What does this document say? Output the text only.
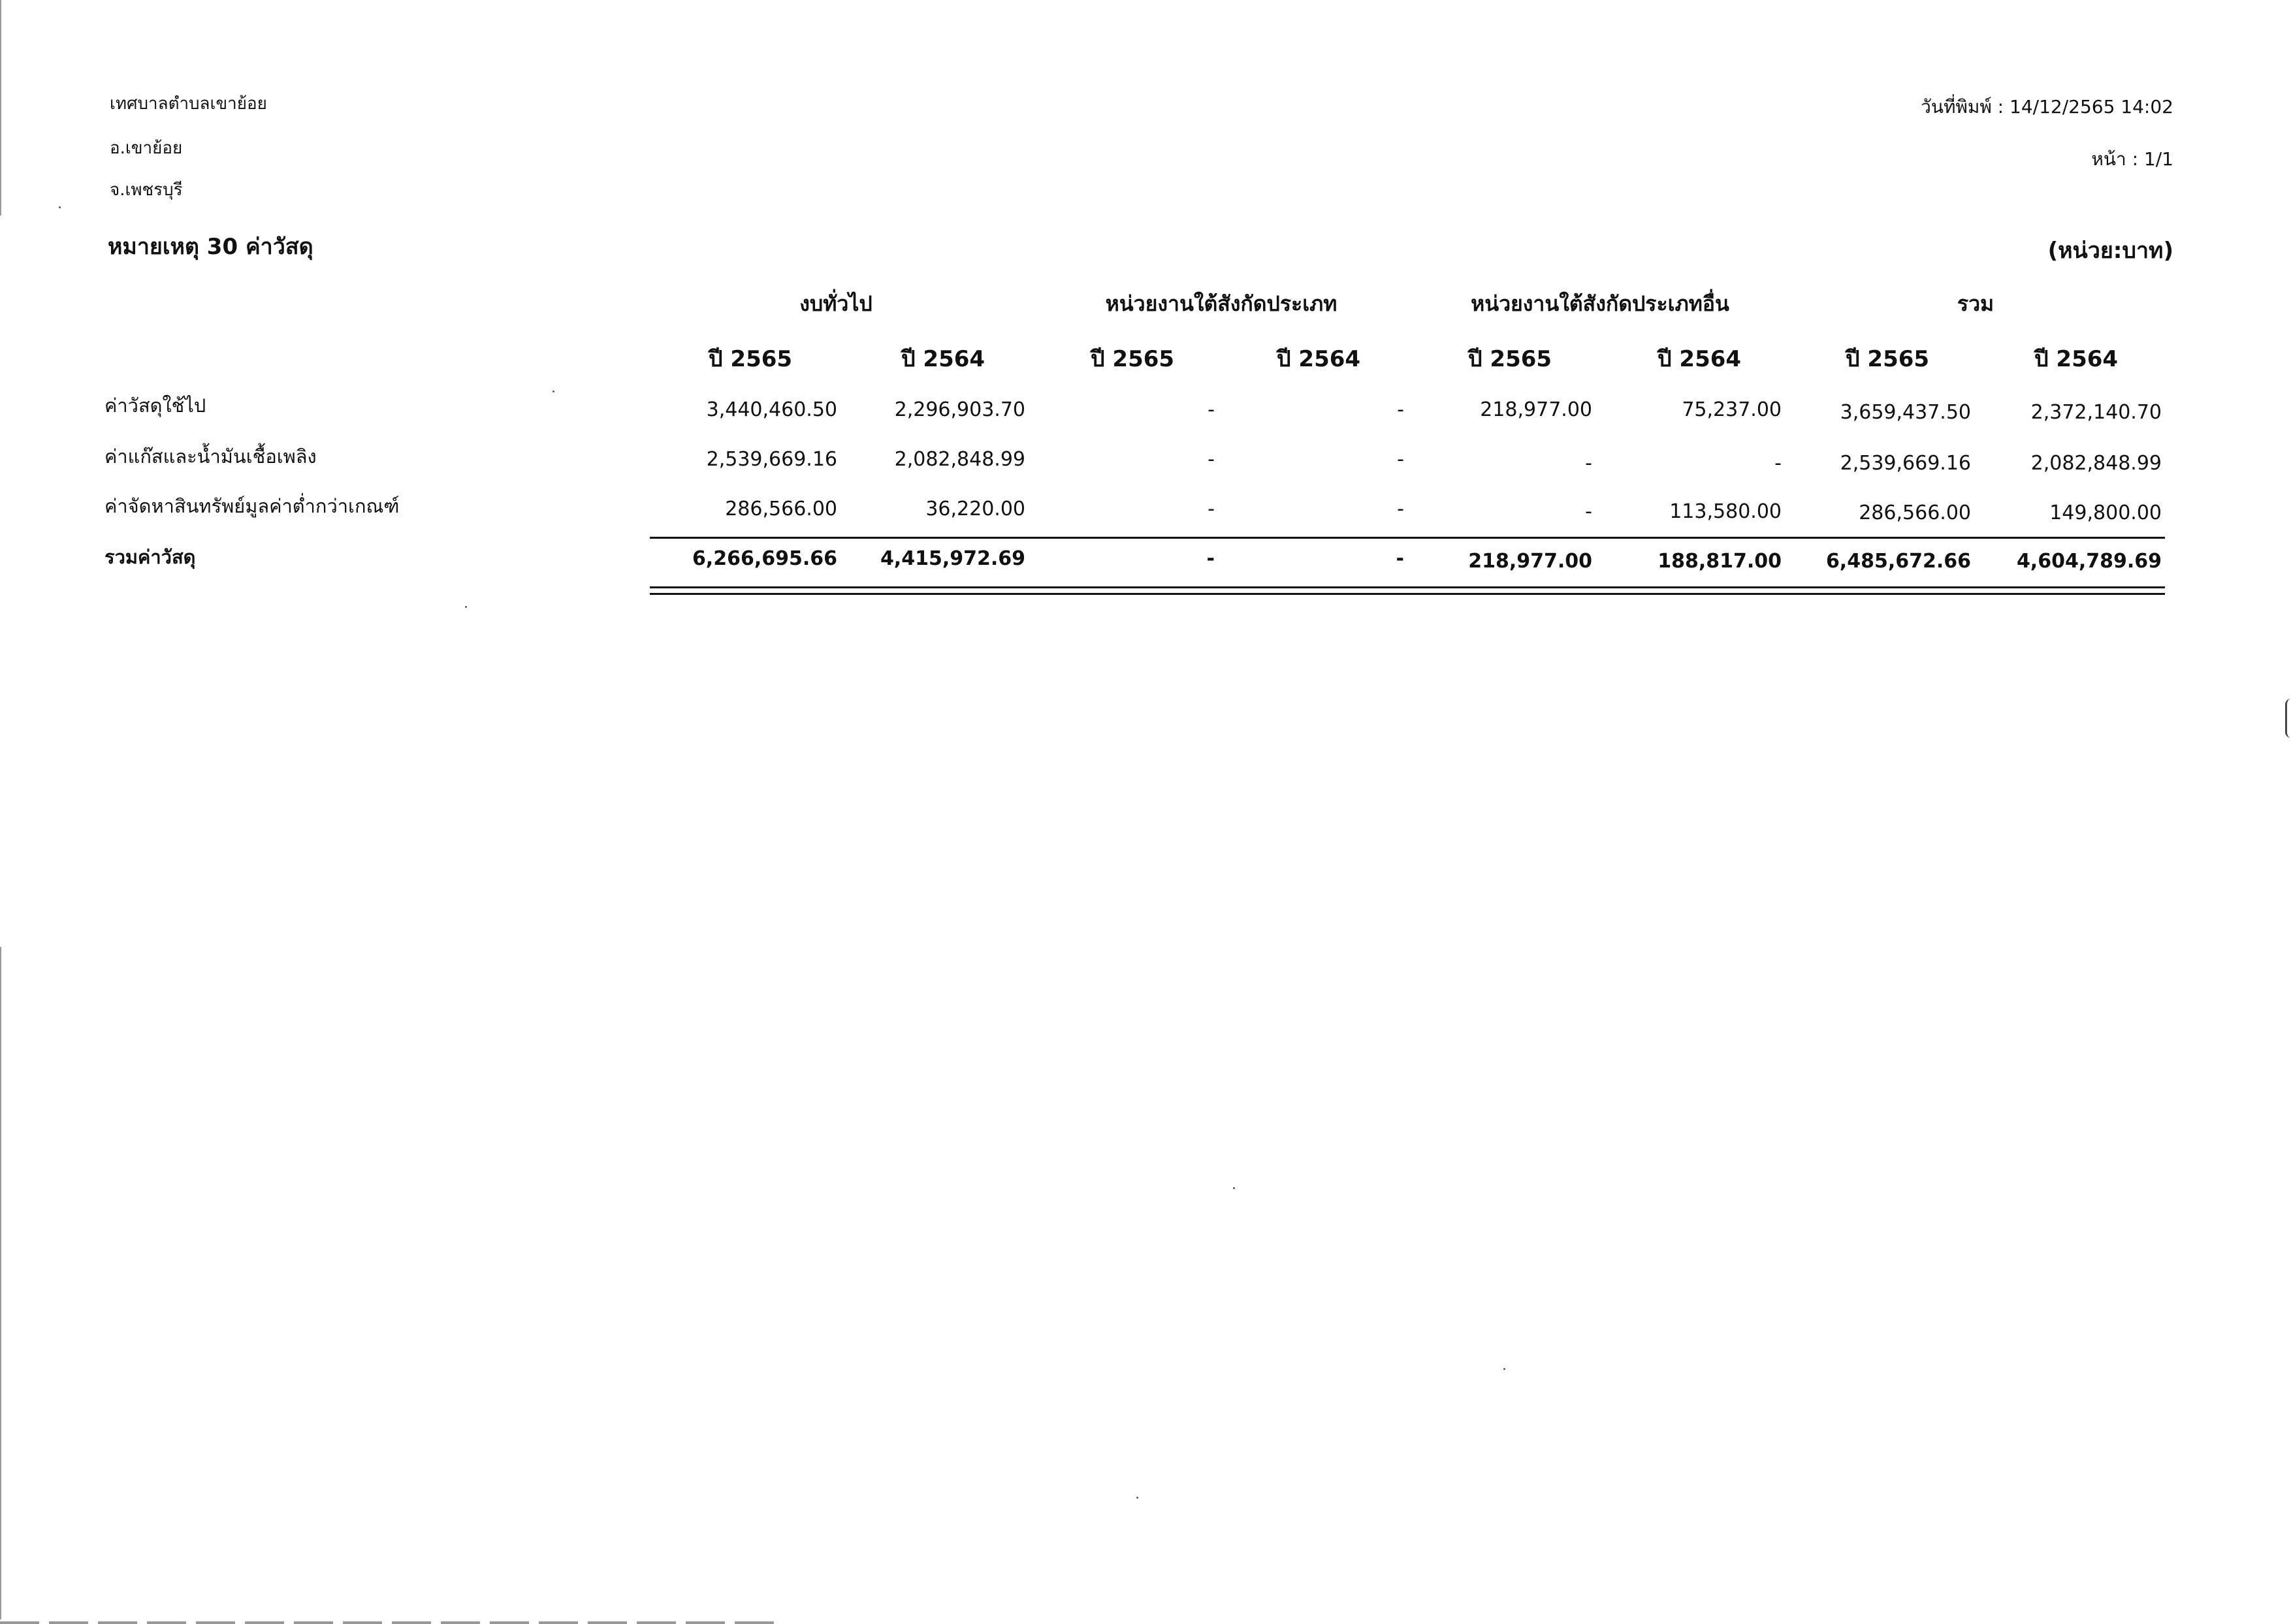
เทศบาลตำบลเขาย้อย
อ.เขาย้อย
จ.เพชรบุรี
วันที่พิมพ์ : 14/12/2565 14:02
หน้า : 1/1
หมายเหตุ 30 ค่าวัสดุ	(หน่วย:บาท)
งบทั่วไป	หน่วยงานใต้สังกัดประเภท	หน่วยงานใต้สังกัดประเภทอื่น	รวม
ปี 2565	ปี 2564	ปี 2565	ปี 2564	ปี 2565	ปี 2564	ปี 2565	ปี 2564
ค่าวัสดุใช้ไป	3,440,460.50	2,296,903.70	-	-	218,977.00	75,237.00	3,659,437.50	2,372,140.70
ค่าแก๊สและน้ำมันเชื้อเพลิง	2,539,669.16	2,082,848.99	-	-	-	-	2,539,669.16	2,082,848.99
ค่าจัดหาสินทรัพย์มูลค่าต่ำกว่าเกณฑ์	286,566.00	36,220.00	-	-	-	113,580.00	286,566.00	149,800.00
รวมค่าวัสดุ	6,266,695.66	4,415,972.69	-	-	218,977.00	188,817.00	6,485,672.66	4,604,789.69
